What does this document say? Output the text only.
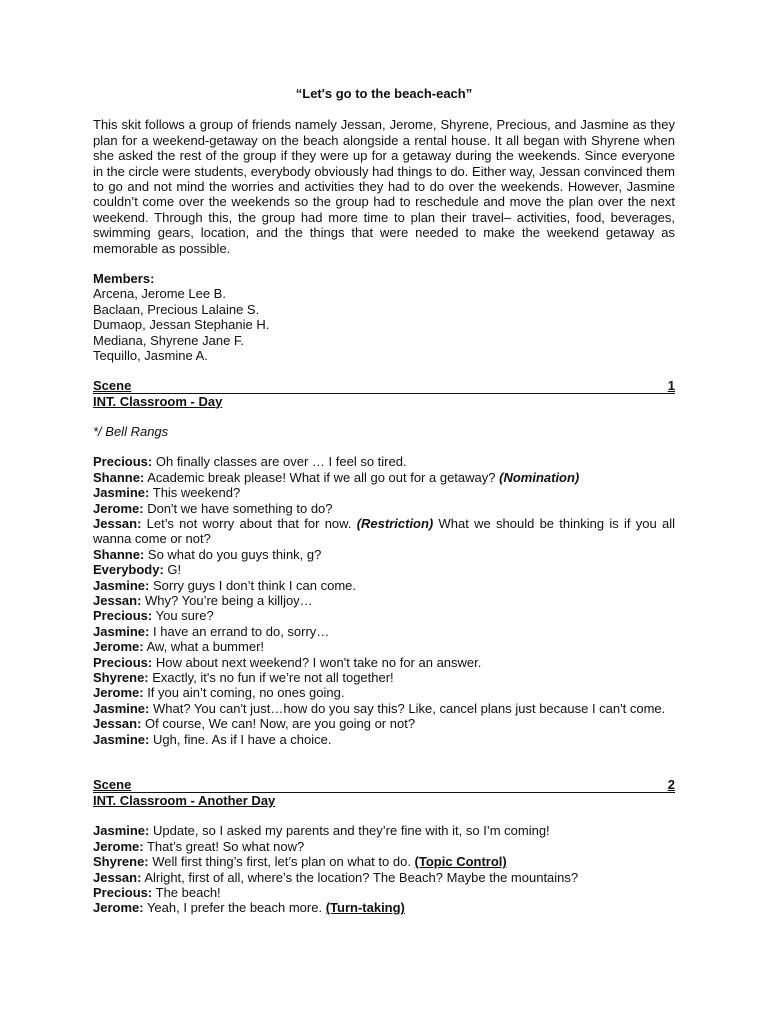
“Let's go to the beach-each”

This skit follows a group of friends namely Jessan, Jerome, Shyrene, Precious, and Jasmine as they plan for a weekend-getaway on the beach alongside a rental house. It all began with Shyrene when she asked the rest of the group if they were up for a getaway during the weekends. Since everyone in the circle were students, everybody obviously had things to do. Either way, Jessan convinced them to go and not mind the worries and activities they had to do over the weekends. However, Jasmine couldn’t come over the weekends so the group had to reschedule and move the plan over the next weekend. Through this, the group had more time to plan their travel– activities, food, beverages, swimming gears, location, and the things that were needed to make the weekend getaway as memorable as possible.

Members:
Arcena, Jerome Lee B.
Baclaan, Precious Lalaine S.
Dumaop, Jessan Stephanie H.
Mediana, Shyrene Jane F.
Tequillo, Jasmine A.
Scene	1
INT. Classroom - Day
*/ Bell Rangs

Precious: Oh finally classes are over … I feel so tired.

Shanne: Academic break please! What if we all go out for a getaway? (Nomination)

Jasmine: This weekend?

Jerome: Don't we have something to do?

Jessan: Let’s not worry about that for now. (Restriction) What we should be thinking is if you all wanna come or not?

Shanne: So what do you guys think, g?

Everybody: G!

Jasmine: Sorry guys I don’t think I can come.

Jessan: Why? You’re being a killjoy…

Precious: You sure?

Jasmine: I have an errand to do, sorry…

Jerome: Aw, what a bummer!

Precious: How about next weekend? I won't take no for an answer.

Shyrene: Exactly, it's no fun if we’re not all together!

Jerome: If you ain’t coming, no ones going.

Jasmine: What? You can't just…how do you say this? Like, cancel plans just because I can't come.

Jessan: Of course, We can! Now, are you going or not?

Jasmine: Ugh, fine. As if I have a choice.

Scene	2
INT. Classroom - Another Day

Jasmine: Update, so I asked my parents and they’re fine with it, so I’m coming!

Jerome: That’s great! So what now?

Shyrene: Well first thing’s first, let’s plan on what to do. (Topic Control)

Jessan: Alright, first of all, where’s the location? The Beach? Maybe the mountains?

Precious: The beach!

Jerome: Yeah, I prefer the beach more. (Turn-taking)
